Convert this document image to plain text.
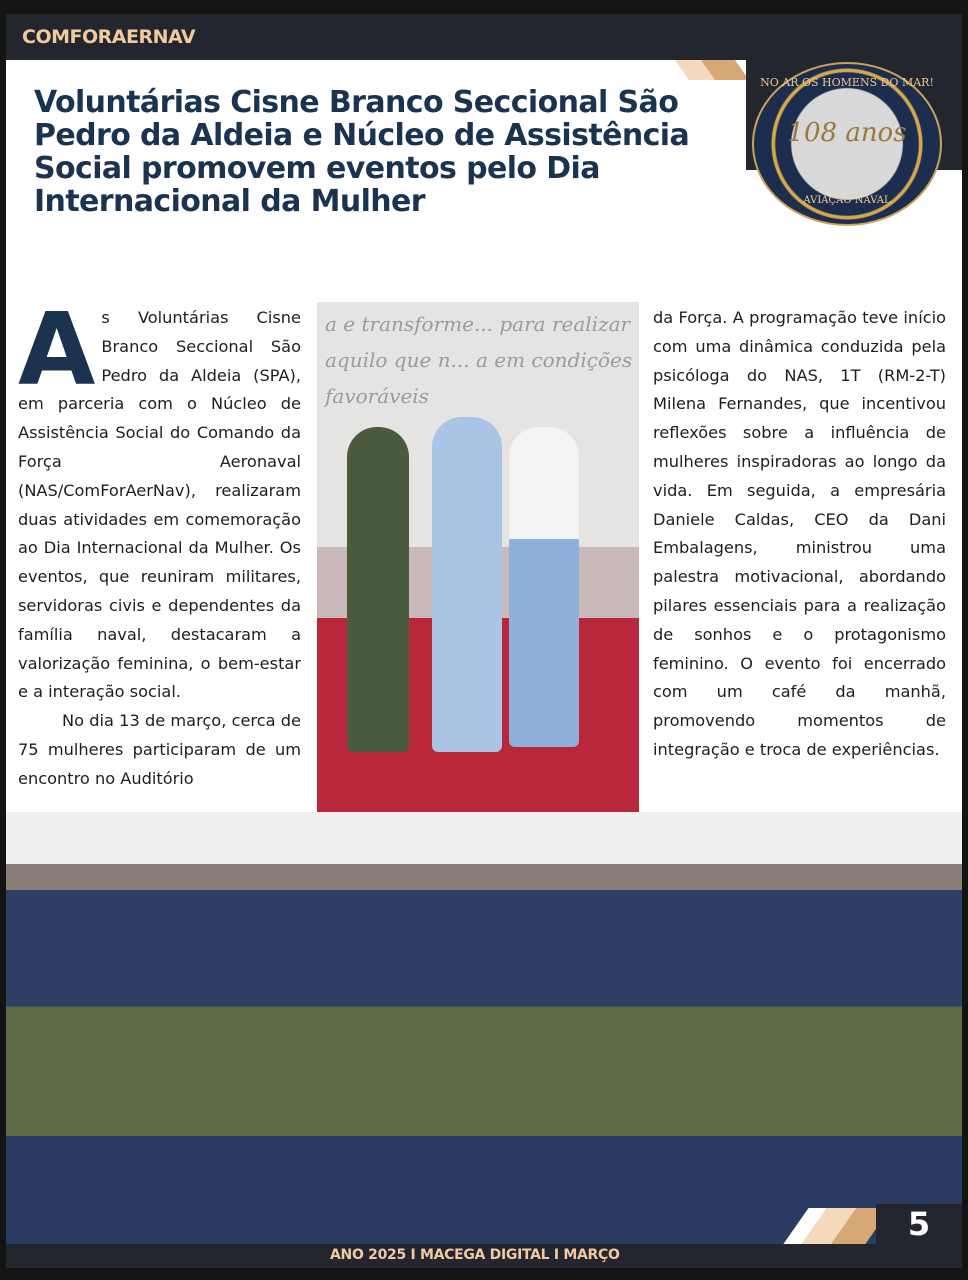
COMFORAERNAV
Voluntárias Cisne Branco Seccional São Pedro da Aldeia e Núcleo de Assistência Social promovem eventos pelo Dia Internacional da Mulher
NO AR OS HOMENS DO MAR!
108 anos
AVIAÇÃO NAVAL
A s Voluntárias Cisne Branco Seccional São Pedro da Aldeia (SPA), em parceria com o Núcleo de Assistência Social do Comando da Força Aeronaval (NAS/ComForAerNav), realizaram duas atividades em comemoração ao Dia Internacional da Mulher. Os eventos, que reuniram militares, servidoras civis e dependentes da família naval, destacaram a valorização feminina, o bem-estar e a interação social.

No dia 13 de março, cerca de 75 mulheres participaram de um encontro no Auditório

a e transforme... para realizar aquilo que n... a em condições favoráveis

da Força. A programação teve início com uma dinâmica conduzida pela psicóloga do NAS, 1T (RM-2-T) Milena Fernandes, que incentivou reflexões sobre a influência de mulheres inspiradoras ao longo da vida. Em seguida, a empresária Daniele Caldas, CEO da Dani Embalagens, ministrou uma palestra motivacional, abordando pilares essenciais para a realização de sonhos e o protagonismo feminino. O evento foi encerrado com um café da manhã, promovendo momentos de integração e troca de experiências.

5
ANO 2025 I MACEGA DIGITAL I MARÇO
